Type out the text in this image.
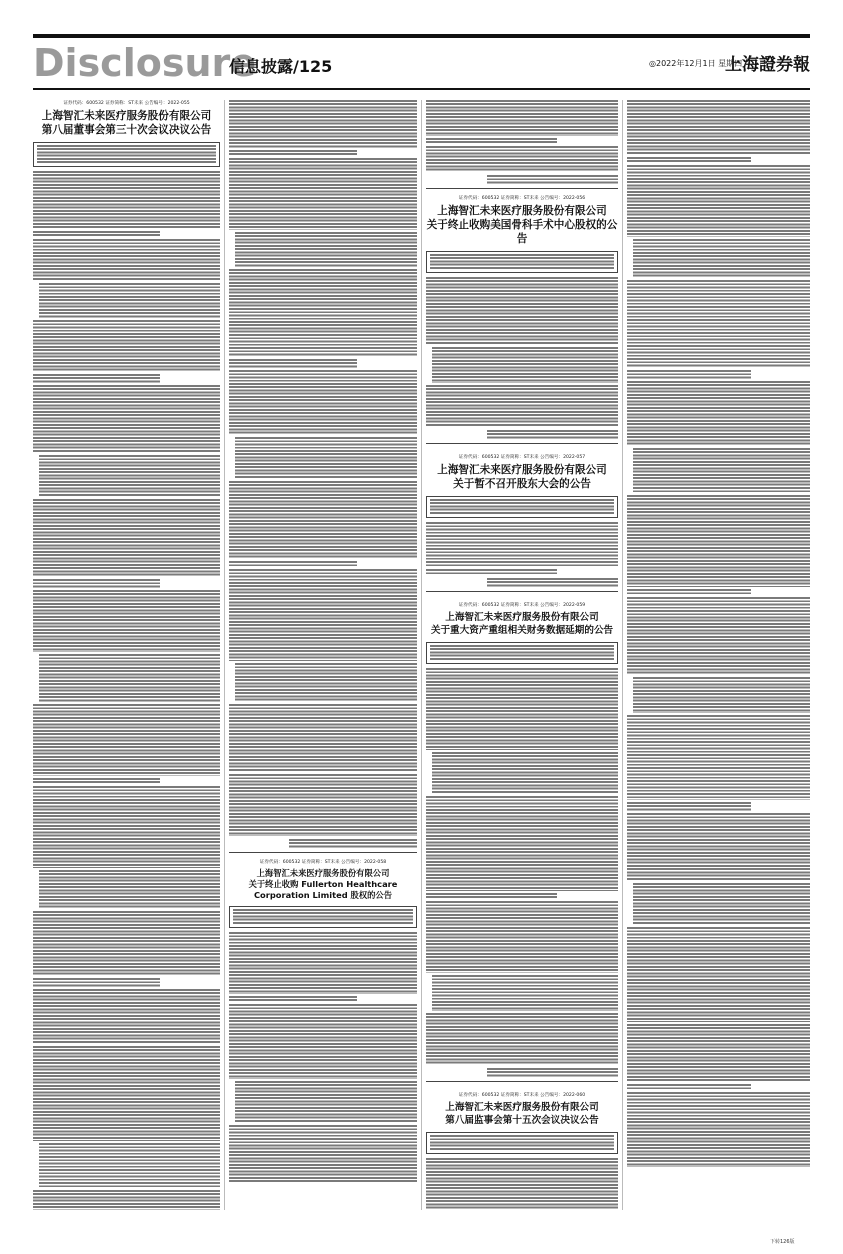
Disclosure
信息披露/125	◎2022年12月1日 星期四
上海證券報
证券代码：600532 证券简称：ST未来 公告编号：2022-055
上海智汇未来医疗服务股份有限公司
第八届董事会第三十次会议决议公告
证券代码：600532 证券简称：ST未来 公告编号：2022-058
上海智汇未来医疗服务股份有限公司
关于终止收购 Fullerton Healthcare Corporation Limited 股权的公告
证券代码：600532 证券简称：ST未来 公告编号：2022-056
上海智汇未来医疗服务股份有限公司
关于终止收购美国骨科手术中心股权的公告
证券代码：600532 证券简称：ST未来 公告编号：2022-057
上海智汇未来医疗服务股份有限公司
关于暂不召开股东大会的公告
证券代码：600532 证券简称：ST未来 公告编号：2022-059
上海智汇未来医疗服务股份有限公司
关于重大资产重组相关财务数据延期的公告
证券代码：600532 证券简称：ST未来 公告编号：2022-060
上海智汇未来医疗服务股份有限公司
第八届监事会第十五次会议决议公告
下转126版
